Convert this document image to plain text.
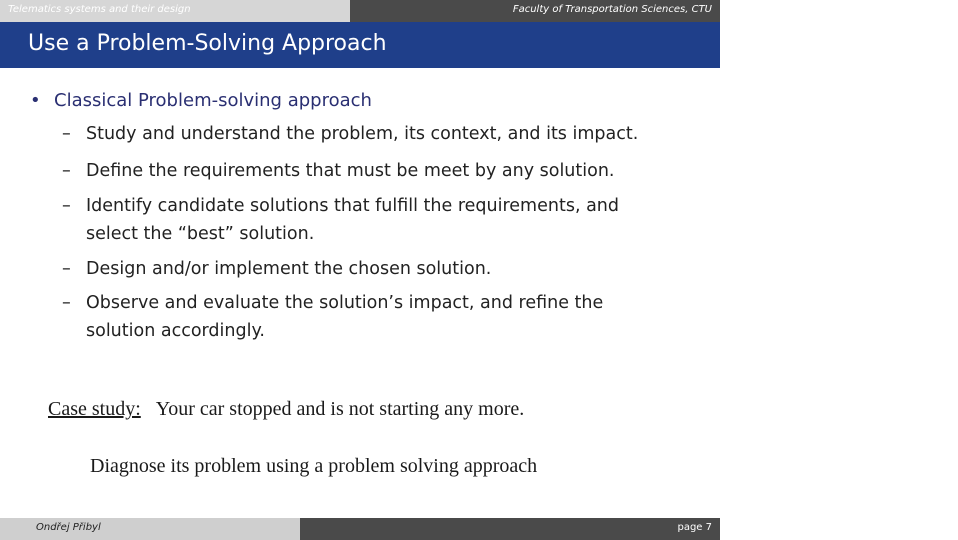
Telematics systems and their design	Faculty of Transportation Sciences, CTU
Use a Problem-Solving Approach
• Classical Problem-solving approach
– Study and understand the problem, its context, and its impact.
– Define the requirements that must be meet by any solution.
– Identify candidate solutions that fulfill the requirements, and
select the “best” solution.
– Design and/or implement the chosen solution.
– Observe and evaluate the solution’s impact, and refine the
solution accordingly.
Case study: Your car stopped and is not starting any more.
Diagnose its problem using a problem solving approach
Ondřej Přibyl	L3: System Development Life Cycle
page 7
